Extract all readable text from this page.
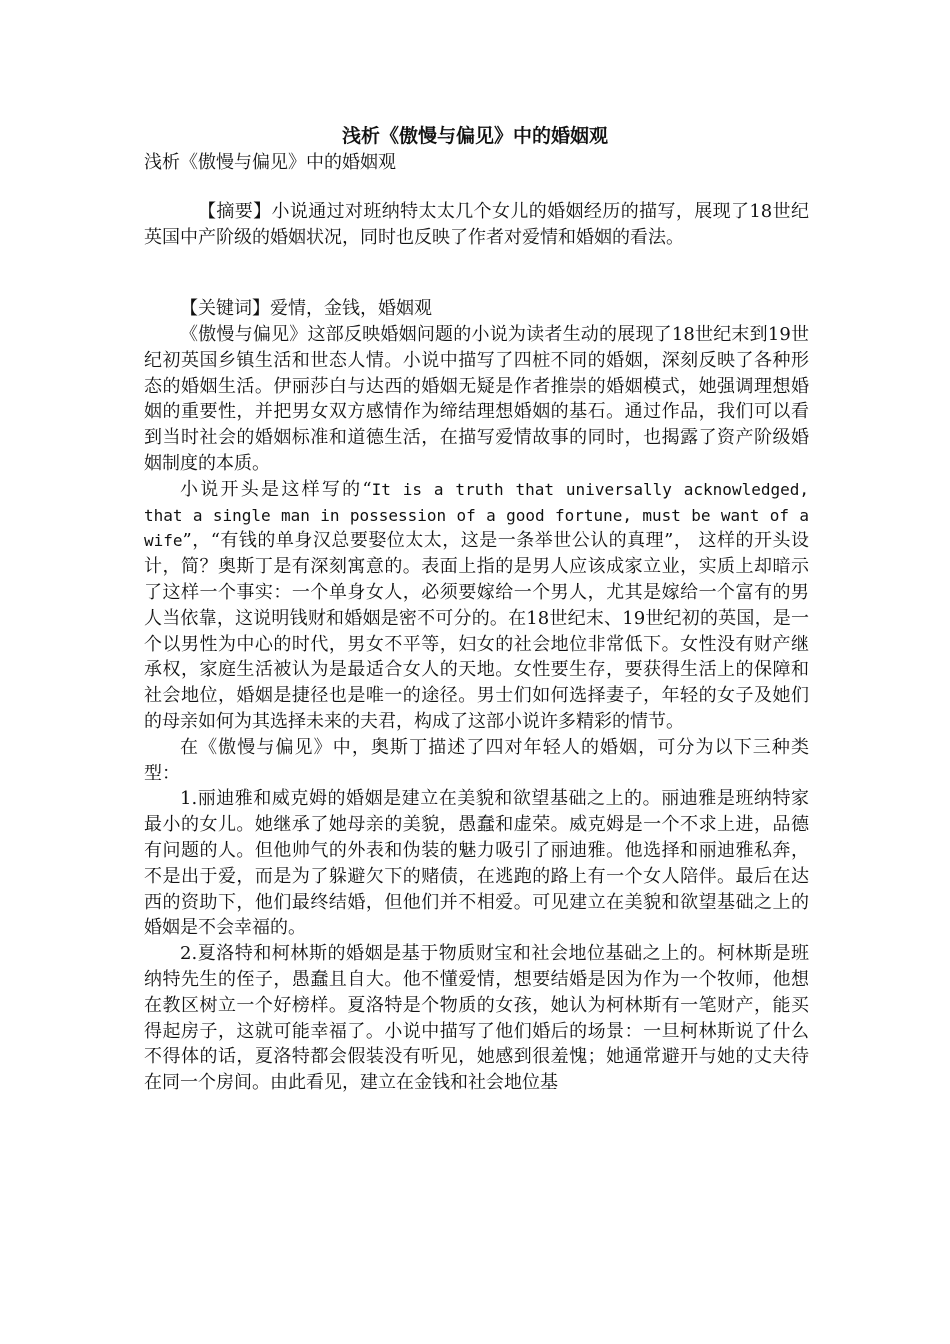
浅析《傲慢与偏见》中的婚姻观
浅析《傲慢与偏见》中的婚姻观

【摘要】小说通过对班纳特太太几个女儿的婚姻经历的描写，展现了18世纪英国中产阶级的婚姻状况，同时也反映了作者对爱情和婚姻的看法。

【关键词】爱情，金钱，婚姻观

《傲慢与偏见》这部反映婚姻问题的小说为读者生动的展现了18世纪末到19世纪初英国乡镇生活和世态人情。小说中描写了四桩不同的婚姻，深刻反映了各种形态的婚姻生活。伊丽莎白与达西的婚姻无疑是作者推崇的婚姻模式，她强调理想婚姻的重要性，并把男女双方感情作为缔结理想婚姻的基石。通过作品，我们可以看到当时社会的婚姻标准和道德生活，在描写爱情故事的同时，也揭露了资产阶级婚姻制度的本质。

小说开头是这样写的“It is a truth that universally acknowledged, that a single man in possession of a good fortune, must be want of a wife”，“有钱的单身汉总要娶位太太，这是一条举世公认的真理”， 这样的开头设计，简？奥斯丁是有深刻寓意的。表面上指的是男人应该成家立业，实质上却暗示了这样一个事实：一个单身女人，必须要嫁给一个男人，尤其是嫁给一个富有的男人当依靠，这说明钱财和婚姻是密不可分的。在18世纪末、19世纪初的英国，是一个以男性为中心的时代，男女不平等，妇女的社会地位非常低下。女性没有财产继承权，家庭生活被认为是最适合女人的天地。女性要生存，要获得生活上的保障和社会地位，婚姻是捷径也是唯一的途径。男士们如何选择妻子，年轻的女子及她们的母亲如何为其选择未来的夫君，构成了这部小说许多精彩的情节。

在《傲慢与偏见》中，奥斯丁描述了四对年轻人的婚姻，可分为以下三种类型：

1.丽迪雅和威克姆的婚姻是建立在美貌和欲望基础之上的。丽迪雅是班纳特家最小的女儿。她继承了她母亲的美貌，愚蠢和虚荣。威克姆是一个不求上进，品德有问题的人。但他帅气的外表和伪装的魅力吸引了丽迪雅。他选择和丽迪雅私奔，不是出于爱，而是为了躲避欠下的赌债，在逃跑的路上有一个女人陪伴。最后在达西的资助下，他们最终结婚，但他们并不相爱。可见建立在美貌和欲望基础之上的婚姻是不会幸福的。

2.夏洛特和柯林斯的婚姻是基于物质财宝和社会地位基础之上的。柯林斯是班纳特先生的侄子，愚蠢且自大。他不懂爱情，想要结婚是因为作为一个牧师，他想在教区树立一个好榜样。夏洛特是个物质的女孩，她认为柯林斯有一笔财产，能买得起房子，这就可能幸福了。小说中描写了他们婚后的场景：一旦柯林斯说了什么不得体的话，夏洛特都会假装没有听见，她感到很羞愧；她通常避开与她的丈夫待在同一个房间。由此看见，建立在金钱和社会地位基
